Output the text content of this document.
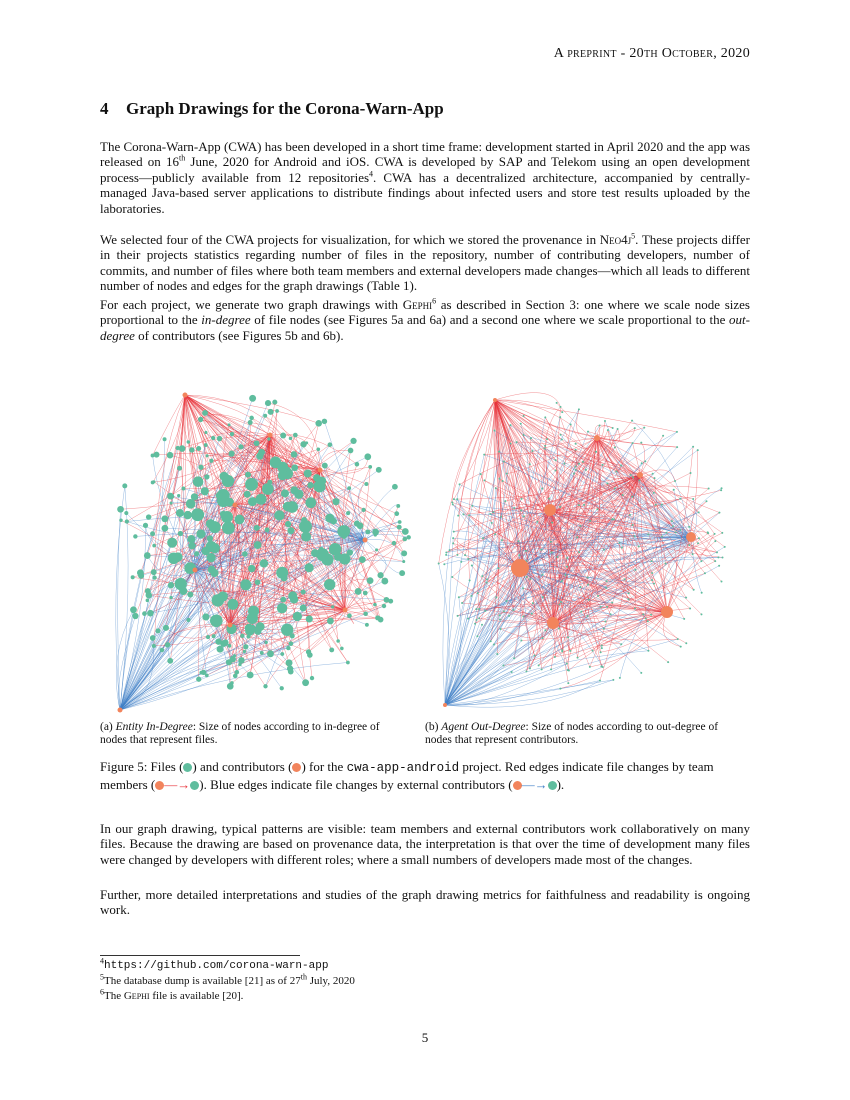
A preprint - 20th October, 2020
4 Graph Drawings for the Corona-Warn-App

The Corona-Warn-App (CWA) has been developed in a short time frame: development started in April 2020 and the app was released on 16th June, 2020 for Android and iOS. CWA is developed by SAP and Telekom using an open development process—publicly available from 12 repositories$^4$. CWA has a decentralized architecture, accompanied by centrally-managed Java-based server applications to distribute findings about infected users and store test results uploaded by the laboratories.

We selected four of the CWA projects for visualization, for which we stored the provenance in $Neo4j^5$. These projects differ in their projects statistics regarding number of files in the repository, number of contributing developers, number of commits, and number of files where both team members and external developers made changes—which all leads to different number of nodes and edges for the graph drawings (Table 1).

For each project, we generate two graph drawings with Gephi$^6$ as described in Section 3: one where we scale node sizes proportional to the in-degree of file nodes (see Figures 5a and 6a) and a second one where we scale proportional to the out-degree of contributors (see Figures 5b and 6b).

(a) Entity In-Degree: Size of nodes according to in-degree of nodes that represent files.
(b) Agent Out-Degree: Size of nodes according to out-degree of nodes that represent contributors.
Figure 5: Files ( ) and contributors ( ) for the cwa-app-android project. Red edges indicate file changes by team members ( —→ ). Blue edges indicate file changes by external contributors ( —→ ).

In our graph drawing, typical patterns are visible: team members and external contributors work collaboratively on many files. Because the drawing are based on provenance data, the interpretation is that over the time of development many files were changed by developers with different roles; where a small numbers of developers made most of the changes.

Further, more detailed interpretations and studies of the graph drawing metrics for faithfulness and readability is ongoing work.

$^4$https://github.com/corona-warn-app
$^5$The database dump is available [21] as of 27th July, 2020
$^6$The Gephi file is available [20].
5
